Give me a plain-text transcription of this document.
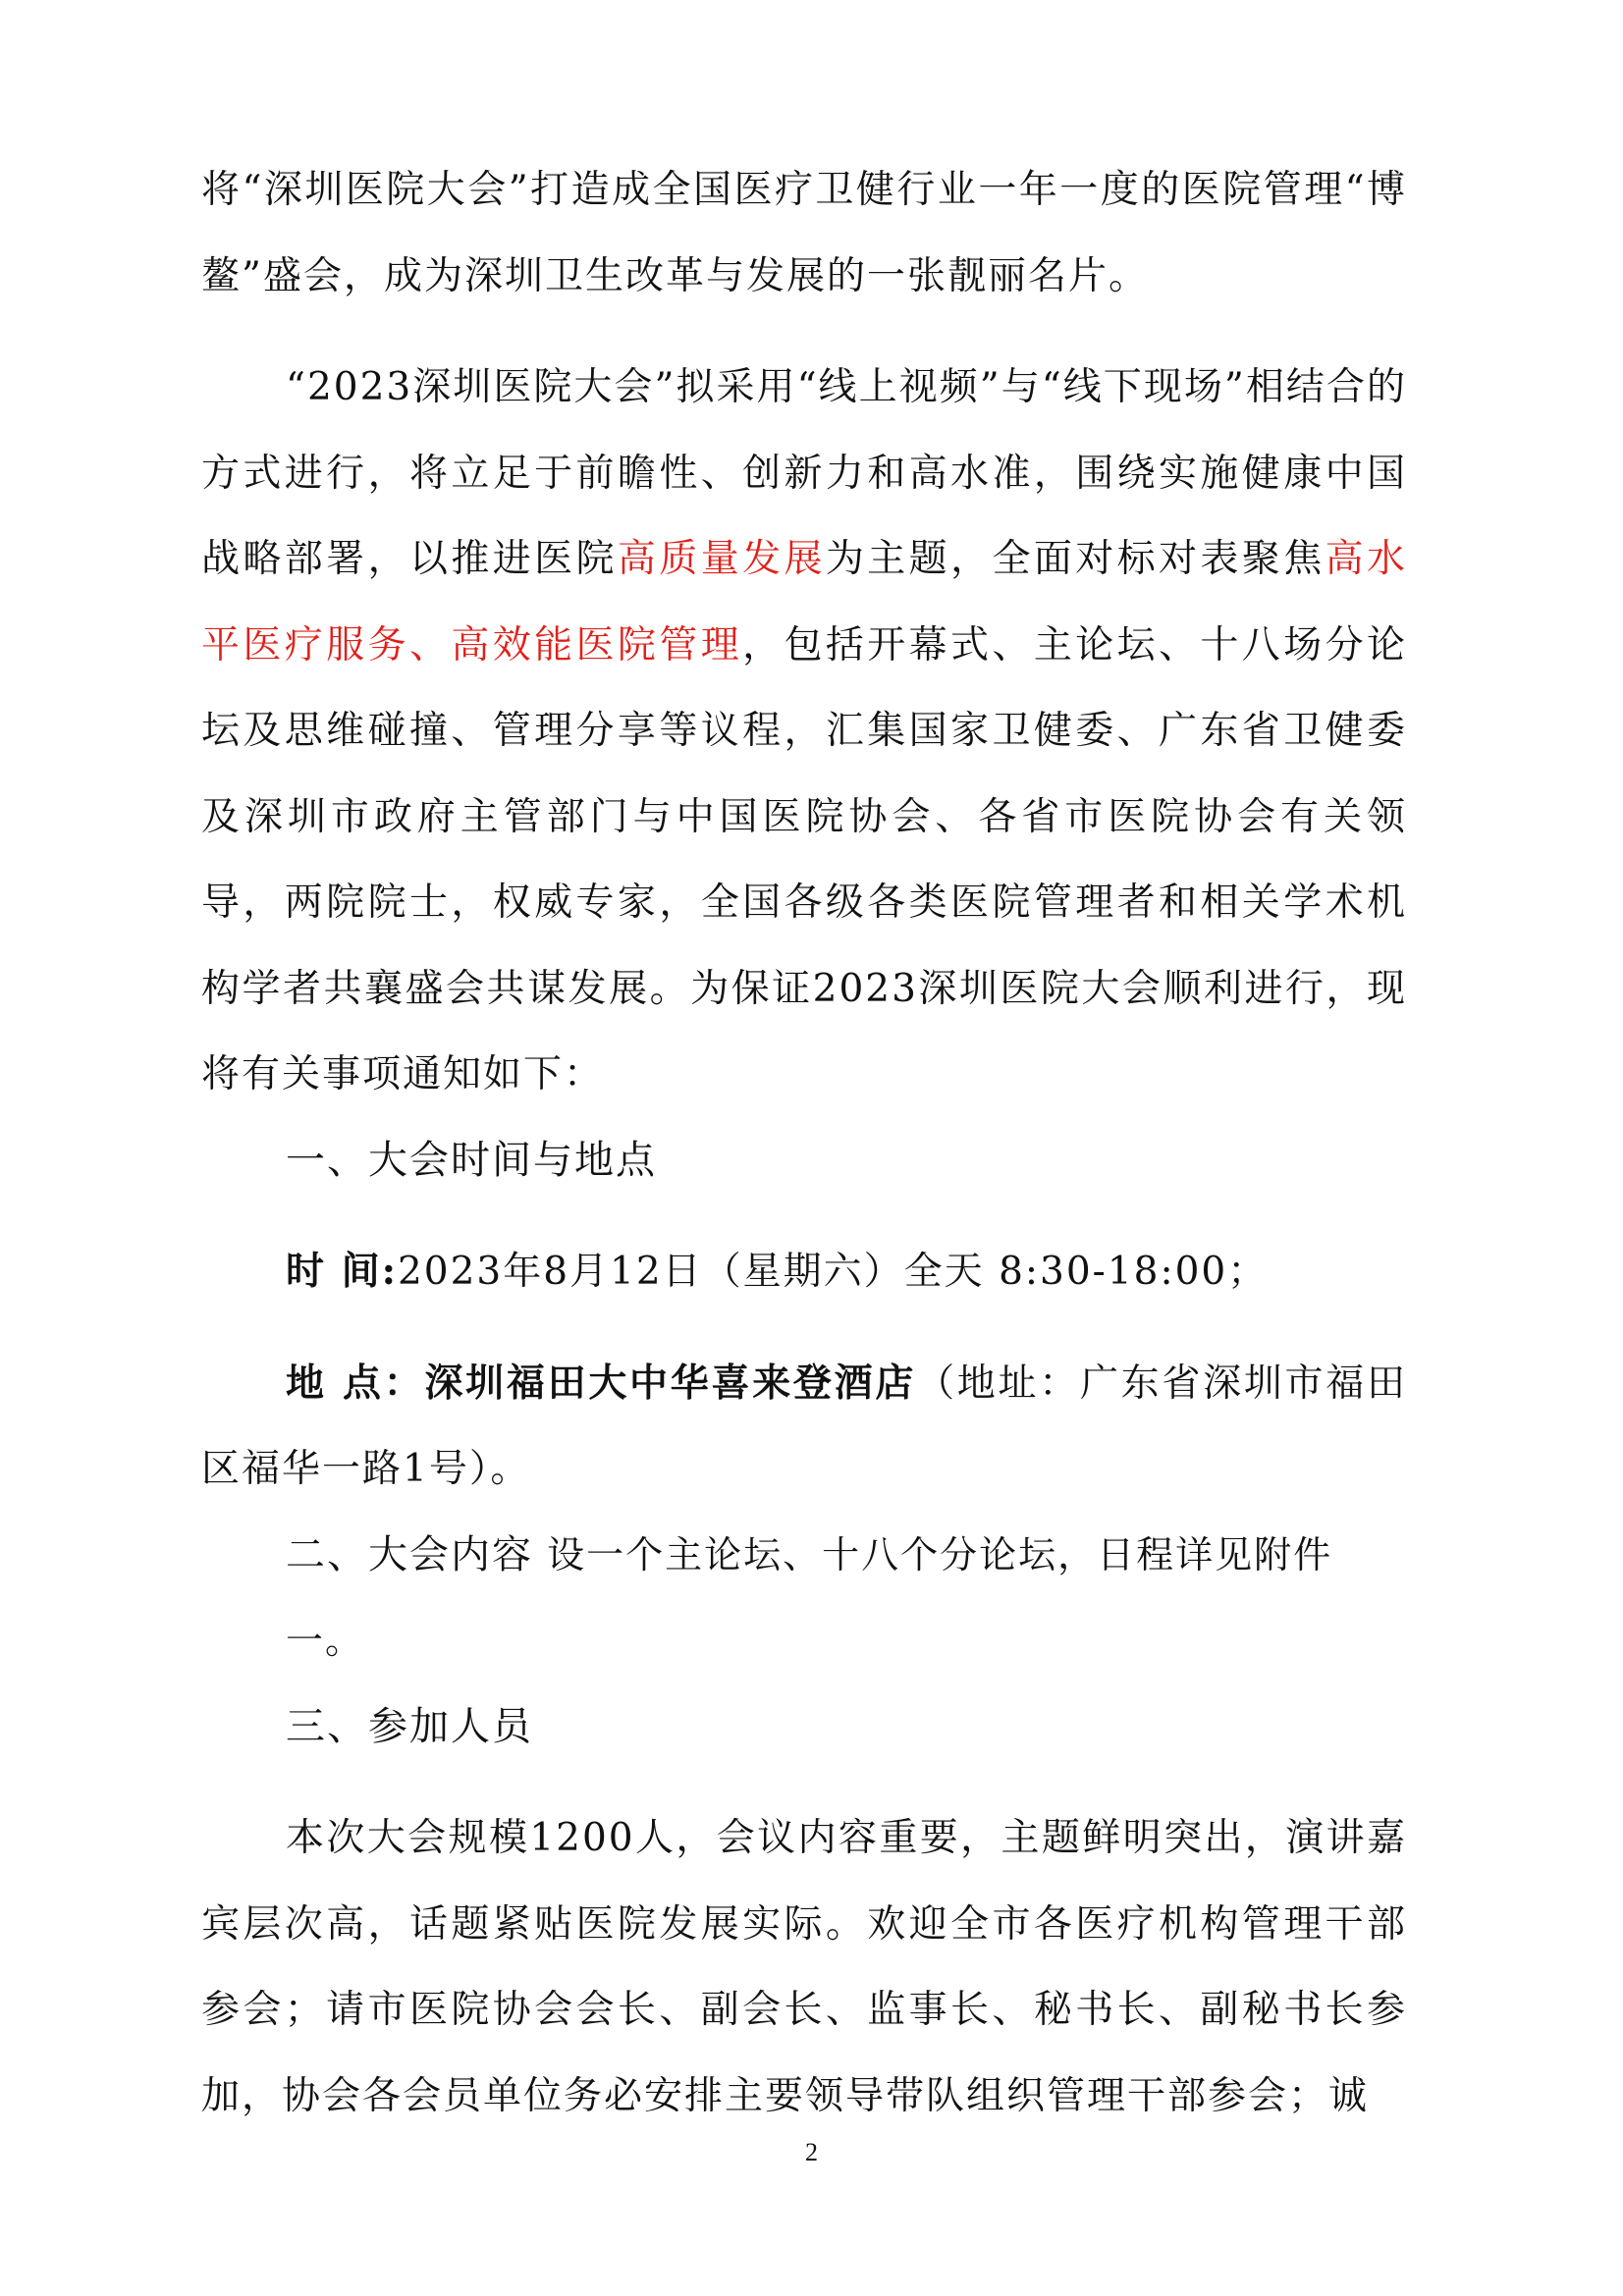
将“深圳医院大会”打造成全国医疗卫健行业一年一度的医院管理“博鳌”盛会，成为深圳卫生改革与发展的一张靓丽名片。

“2023深圳医院大会”拟采用“线上视频”与“线下现场”相结合的方式进行，将立足于前瞻性、创新力和高水准，围绕实施健康中国战略部署，以推进医院高质量发展为主题，全面对标对表聚焦高水平医疗服务、高效能医院管理，包括开幕式、主论坛、十八场分论坛及思维碰撞、管理分享等议程，汇集国家卫健委、广东省卫健委及深圳市政府主管部门与中国医院协会、各省市医院协会有关领导，两院院士，权威专家，全国各级各类医院管理者和相关学术机构学者共襄盛会共谋发展。为保证2023深圳医院大会顺利进行，现将有关事项通知如下：

一、大会时间与地点

时 间:2023年8月12日（星期六）全天 8:30-18:00；

地 点：深圳福田大中华喜来登酒店（地址：广东省深圳市福田区福华一路1号）。

二、大会内容 设一个主论坛、十八个分论坛，日程详见附件一。

三、参加人员

本次大会规模1200人，会议内容重要，主题鲜明突出，演讲嘉宾层次高，话题紧贴医院发展实际。欢迎全市各医疗机构管理干部参会；请市医院协会会长、副会长、监事长、秘书长、副秘书长参加，协会各会员单位务必安排主要领导带队组织管理干部参会；诚

2
